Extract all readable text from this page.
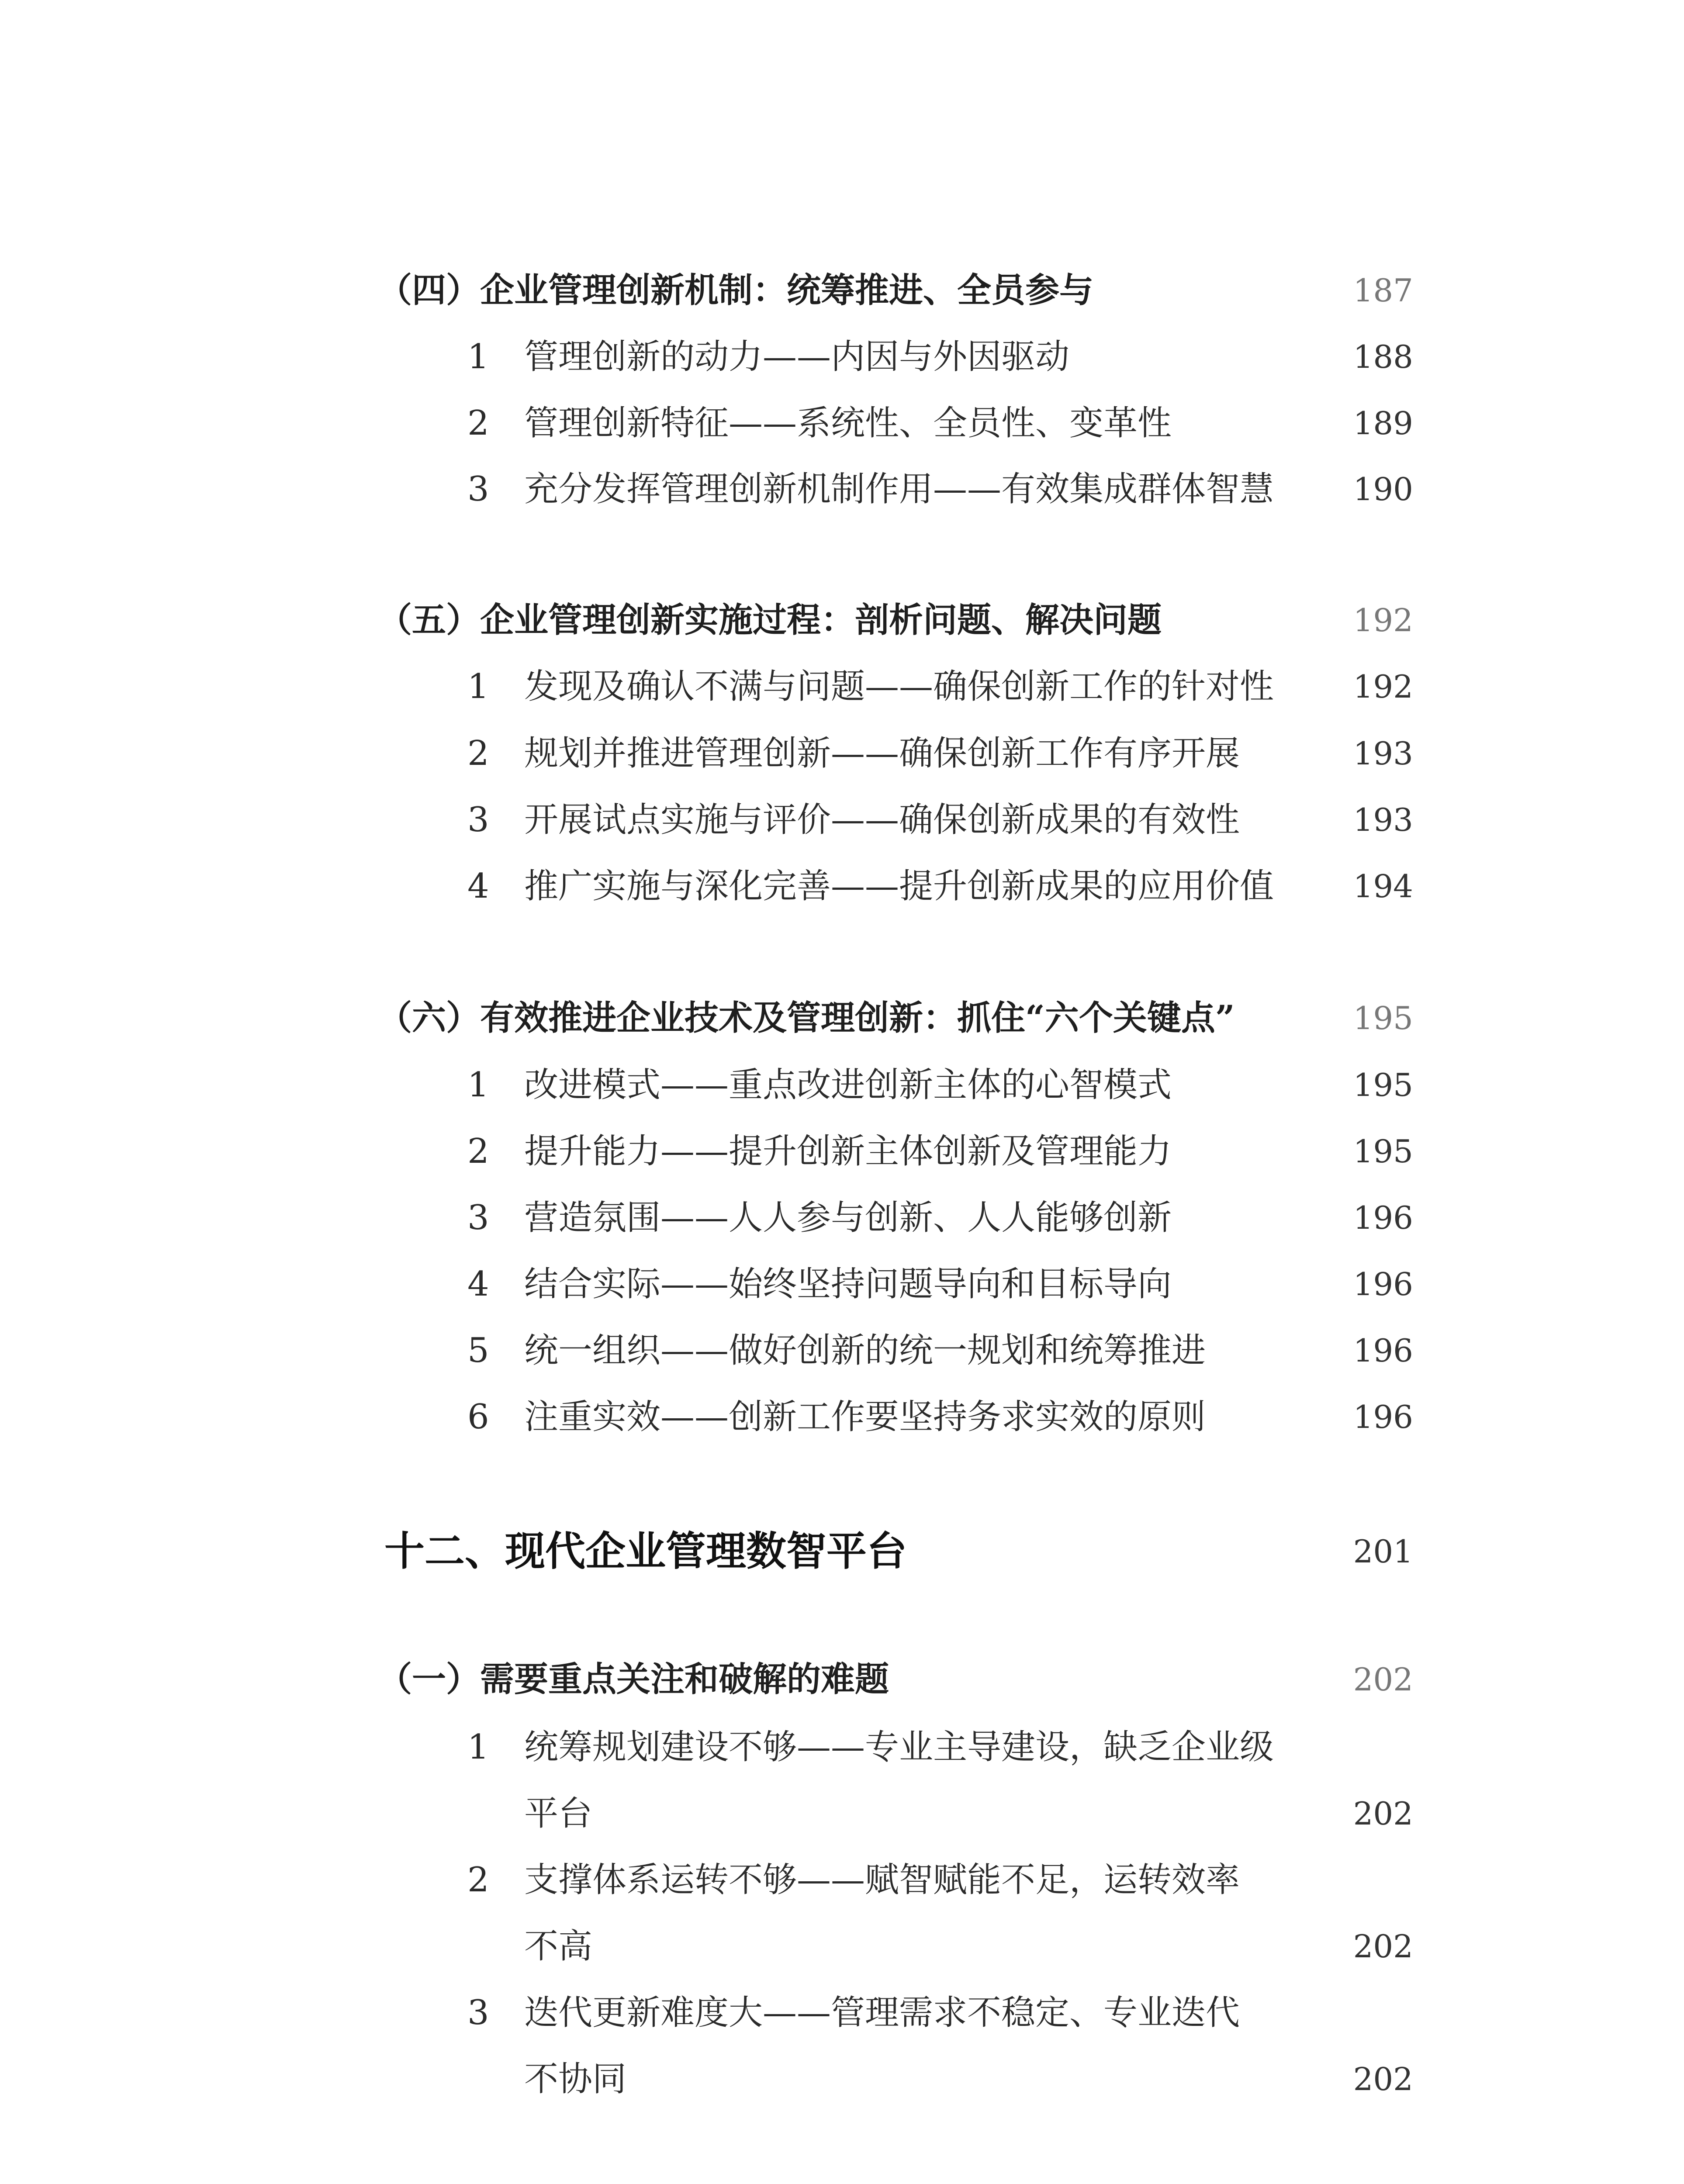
（四）企业管理创新机制：统筹推进、全员参与	187
1 管理创新的动力——内因与外因驱动	188
2 管理创新特征——系统性、全员性、变革性	189
3 充分发挥管理创新机制作用——有效集成群体智慧	190
（五）企业管理创新实施过程：剖析问题、解决问题	192
1 发现及确认不满与问题——确保创新工作的针对性	192
2 规划并推进管理创新——确保创新工作有序开展	193
3 开展试点实施与评价——确保创新成果的有效性	193
4 推广实施与深化完善——提升创新成果的应用价值	194
（六）有效推进企业技术及管理创新：抓住“六个关键点”	195
1 改进模式——重点改进创新主体的心智模式	195
2 提升能力——提升创新主体创新及管理能力	195
3 营造氛围——人人参与创新、人人能够创新	196
4 结合实际——始终坚持问题导向和目标导向	196
5 统一组织——做好创新的统一规划和统筹推进	196
6 注重实效——创新工作要坚持务求实效的原则	196
十二、现代企业管理数智平台	201
（一）需要重点关注和破解的难题	202
1 统筹规划建设不够——专业主导建设，缺乏企业级
平台	202
2 支撑体系运转不够——赋智赋能不足，运转效率
不高	202
3 迭代更新难度大——管理需求不稳定、专业迭代
不协同	202
